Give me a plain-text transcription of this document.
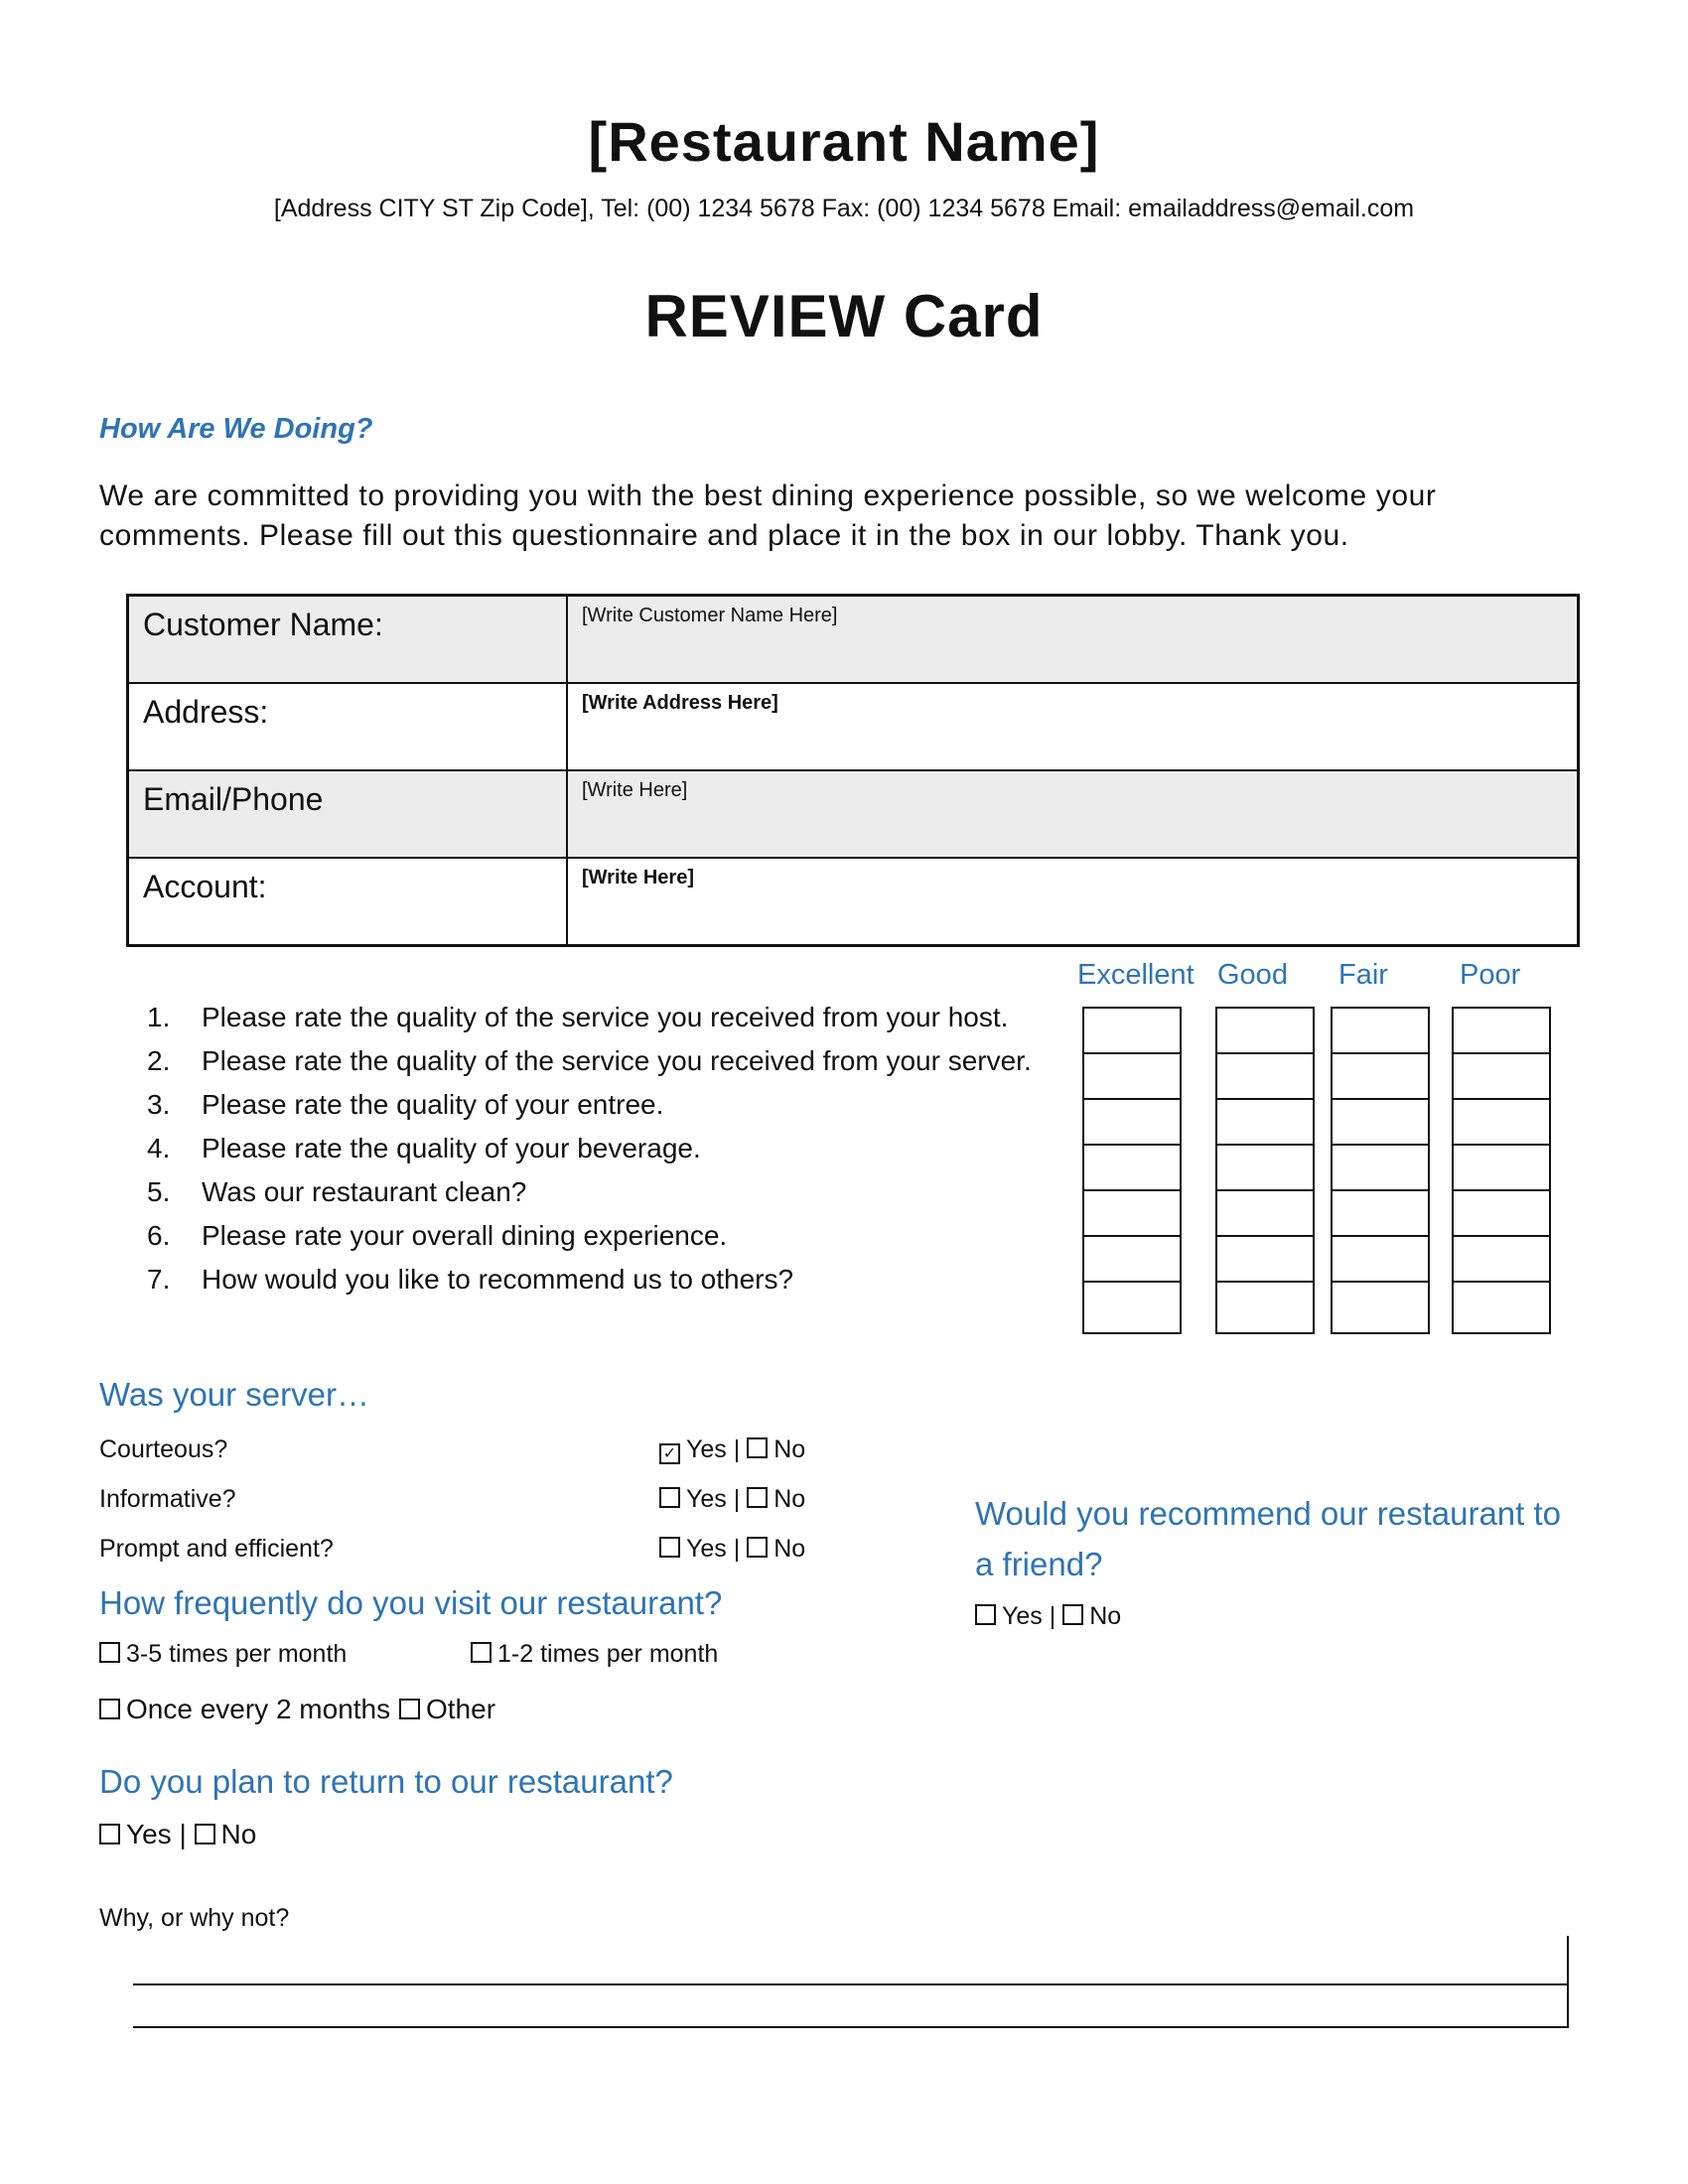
[Restaurant Name]
[Address CITY ST Zip Code], Tel: (00) 1234 5678 Fax: (00) 1234 5678 Email: emailaddress@email.com
REVIEW Card
How Are We Doing?
We are committed to providing you with the best dining experience possible, so we welcome your comments. Please fill out this questionnaire and place it in the box in our lobby. Thank you.
Customer Name:	[Write Customer Name Here]
Address:	[Write Address Here]
Email/Phone	[Write Here]
Account:	[Write Here]
Excellent Good Fair Poor
1. Please rate the quality of the service you received from your host.
2. Please rate the quality of the service you received from your server.
3. Please rate the quality of your entree.
4. Please rate the quality of your beverage.
5. Was our restaurant clean?
6. Please rate your overall dining experience.
7. How would you like to recommend us to others?
Was your server…
Courteous?	✓ Yes | No
Informative?	Yes | No
Prompt and efficient?	Yes | No
How frequently do you visit our restaurant?
3-5 times per month	1-2 times per month
Once every 2 months	Other
Do you plan to return to our restaurant?
Yes | No
Why, or why not?
Would you recommend our restaurant to
a friend?
Yes | No
